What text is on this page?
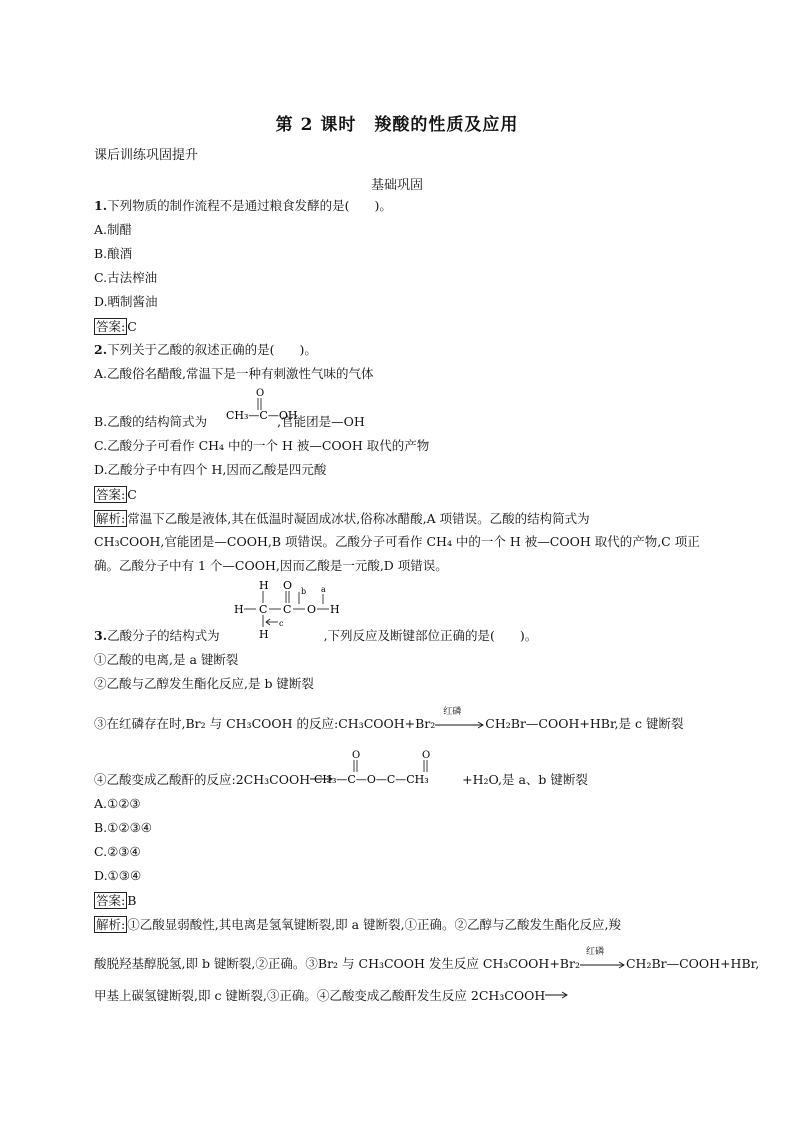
第 2 课时　羧酸的性质及应用
课后训练巩固提升
基础巩固
1.下列物质的制作流程不是通过粮食发酵的是(　　)。
A.制醋
B.酿酒
C.古法榨油
D.晒制酱油
答案: C
2.下列关于乙酸的叙述正确的是(　　)。
A.乙酸俗名醋酸,常温下是一种有刺激性气味的气体
O
CH₃—C—OH
B.乙酸的结构简式为	,官能团是—OH
C.乙酸分子可看作 CH₄ 中的一个 H 被—COOH 取代的产物
D.乙酸分子中有四个 H,因而乙酸是四元酸
答案: C
解析: 常温下乙酸是液体,其在低温时凝固成冰状,俗称冰醋酸,A 项错误。乙酸的结构简式为
CH₃COOH,官能团是—COOH,B 项错误。乙酸分子可看作 CH₄ 中的一个 H 被—COOH 取代的产物,C 项正
确。乙酸分子中有 1 个—COOH,因而乙酸是一元酸,D 项错误。
H
H C C
O b
O
a
H
H
c
3.乙酸分子的结构式为	,下列反应及断键部位正确的是(　　)。
①乙酸的电离,是 a 键断裂
②乙酸与乙醇发生酯化反应,是 b 键断裂
③在红磷存在时,Br₂ 与 CH₃COOH 的反应:CH₃COOH+Br₂
红磷
CH₂Br—COOH+HBr,是 c 键断裂
O	O
CH₃—C—O—C—CH₃
④乙酸变成乙酸酐的反应:2CH₃COOH→	+H₂O,是 a、b 键断裂
A.①②③
B.①②③④
C.②③④
D.①③④
答案: B
解析: ①乙酸显弱酸性,其电离是氢氧键断裂,即 a 键断裂,①正确。②乙醇与乙酸发生酯化反应,羧
酸脱羟基醇脱氢,即 b 键断裂,②正确。③Br₂ 与 CH₃COOH 发生反应 CH₃COOH+Br₂
红磷
CH₂Br—COOH+HBr,
甲基上碳氢键断裂,即 c 键断裂,③正确。④乙酸变成乙酸酐发生反应 2CH₃COOH→
